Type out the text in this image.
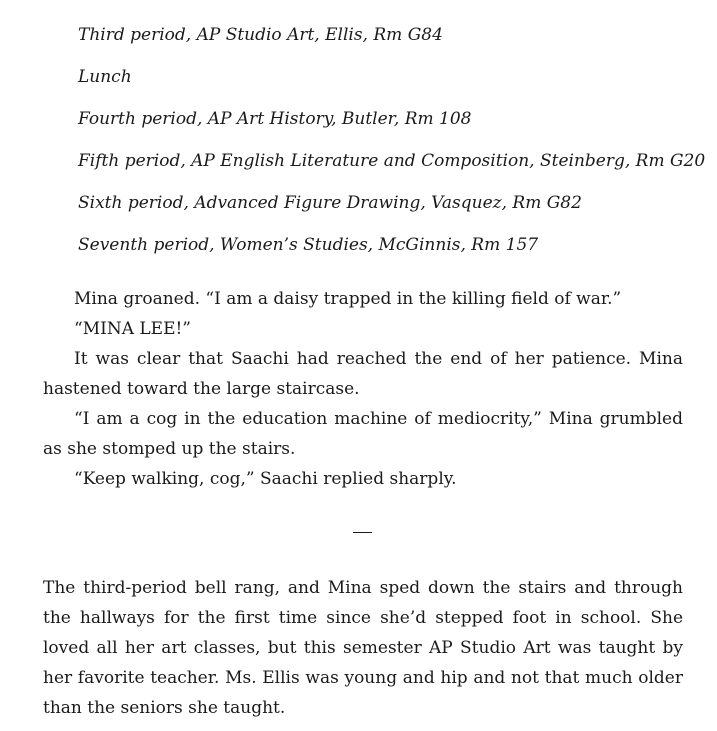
Third period, AP Studio Art, Ellis, Rm G84
Lunch
Fourth period, AP Art History, Butler, Rm 108
Fifth period, AP English Literature and Composition, Steinberg, Rm G20
Sixth period, Advanced Figure Drawing, Vasquez, Rm G82
Seventh period, Women’s Studies, McGinnis, Rm 157
Mina groaned. “I am a daisy trapped in the killing field of war.”
“MINA LEE!”
It was clear that Saachi had reached the end of her patience. Mina hastened toward the large staircase.
“I am a cog in the education machine of mediocrity,” Mina grumbled as she stomped up the stairs.
“Keep walking, cog,” Saachi replied sharply.
The third-period bell rang, and Mina sped down the stairs and through the hallways for the first time since she’d stepped foot in school. She loved all her art classes, but this semester AP Studio Art was taught by her favorite teacher. Ms. Ellis was young and hip and not that much older than the seniors she taught.
